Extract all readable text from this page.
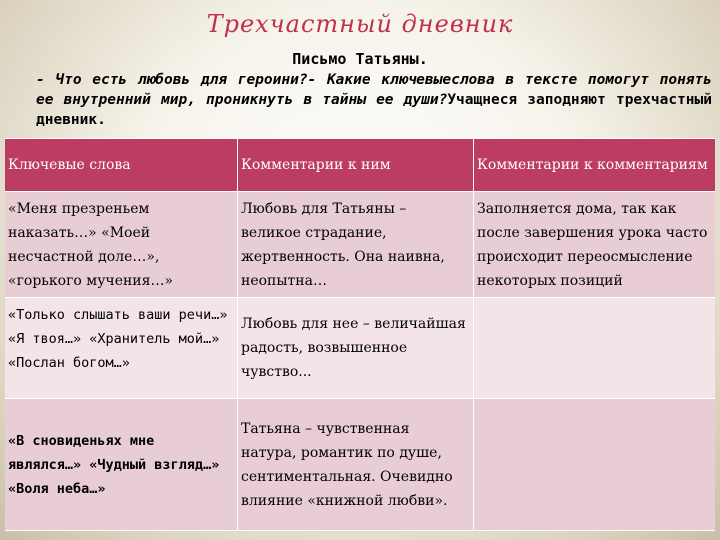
Трехчастный дневник
Письмо Татьяны.
- Что есть любовь для героини?- Какие ключевыеслова в тексте помогут понять ее внутренний мир, проникнуть в тайны ее души?Учащнеся заподняют трехчастный дневник.
Ключевые слова	Комментарии к ним	Комментарии к комментариям
«Меня презреньем наказать…» «Моей несчастной доле…», «горького мучения…»
Любовь для Татьяны – великое страдание, жертвенность. Она наивна, неопытна…
Заполняется дома, так как после завершения урока часто происходит переосмысление некоторых позиций
«Только слышать ваши речи…» «Я твоя…» «Хранитель мой…» «Послан богом…»
Любовь для нее – величайшая радость, возвышенное чувство...
«В сновиденьях мне являлся…» «Чудный взгляд…» «Воля неба…»
Татьяна – чувственная натура, романтик по душе, сентиментальная. Очевидно влияние «книжной любви».
